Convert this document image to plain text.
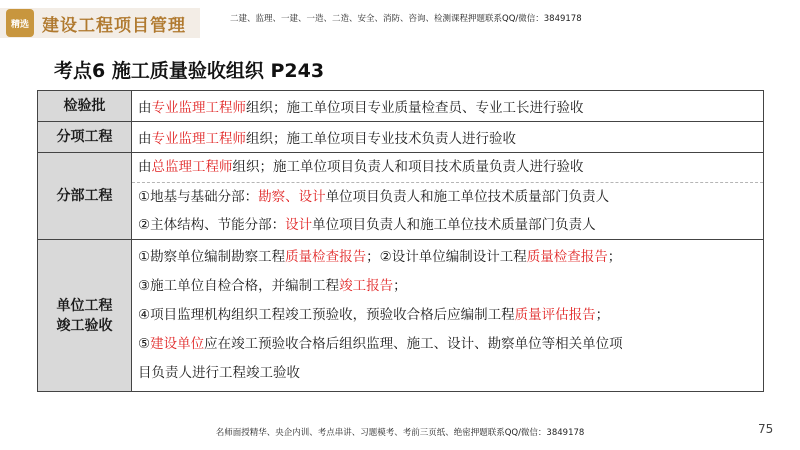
精选 建设工程项目管理	二建、监理、一建、一造、二造、安全、消防、咨询、检测课程押题联系QQ/微信：3849178
考点6 施工质量验收组织 P243
检验批	由专业监理工程师组织；施工单位项目专业质量检查员、专业工长进行验收

分项工程	由专业监理工程师组织；施工单位项目专业技术负责人进行验收

分部工程	由总监理工程师组织；施工单位项目负责人和项目技术质量负责人进行验收
①地基与基础分部：勘察、设计单位项目负责人和施工单位技术质量部门负责人
②主体结构、节能分部：设计单位项目负责人和施工单位技术质量部门负责人

单位工程
竣工验收	①勘察单位编制勘察工程质量检查报告；②设计单位编制设计工程质量检查报告；
③施工单位自检合格，并编制工程竣工报告；
④项目监理机构组织工程竣工预验收，预验收合格后应编制工程质量评估报告；
⑤建设单位应在竣工预验收合格后组织监理、施工、设计、勘察单位等相关单位项
目负责人进行工程竣工验收
名师面授精华、央企内训、考点串讲、习题模考、考前三页纸、绝密押题联系QQ/微信：3849178	75
